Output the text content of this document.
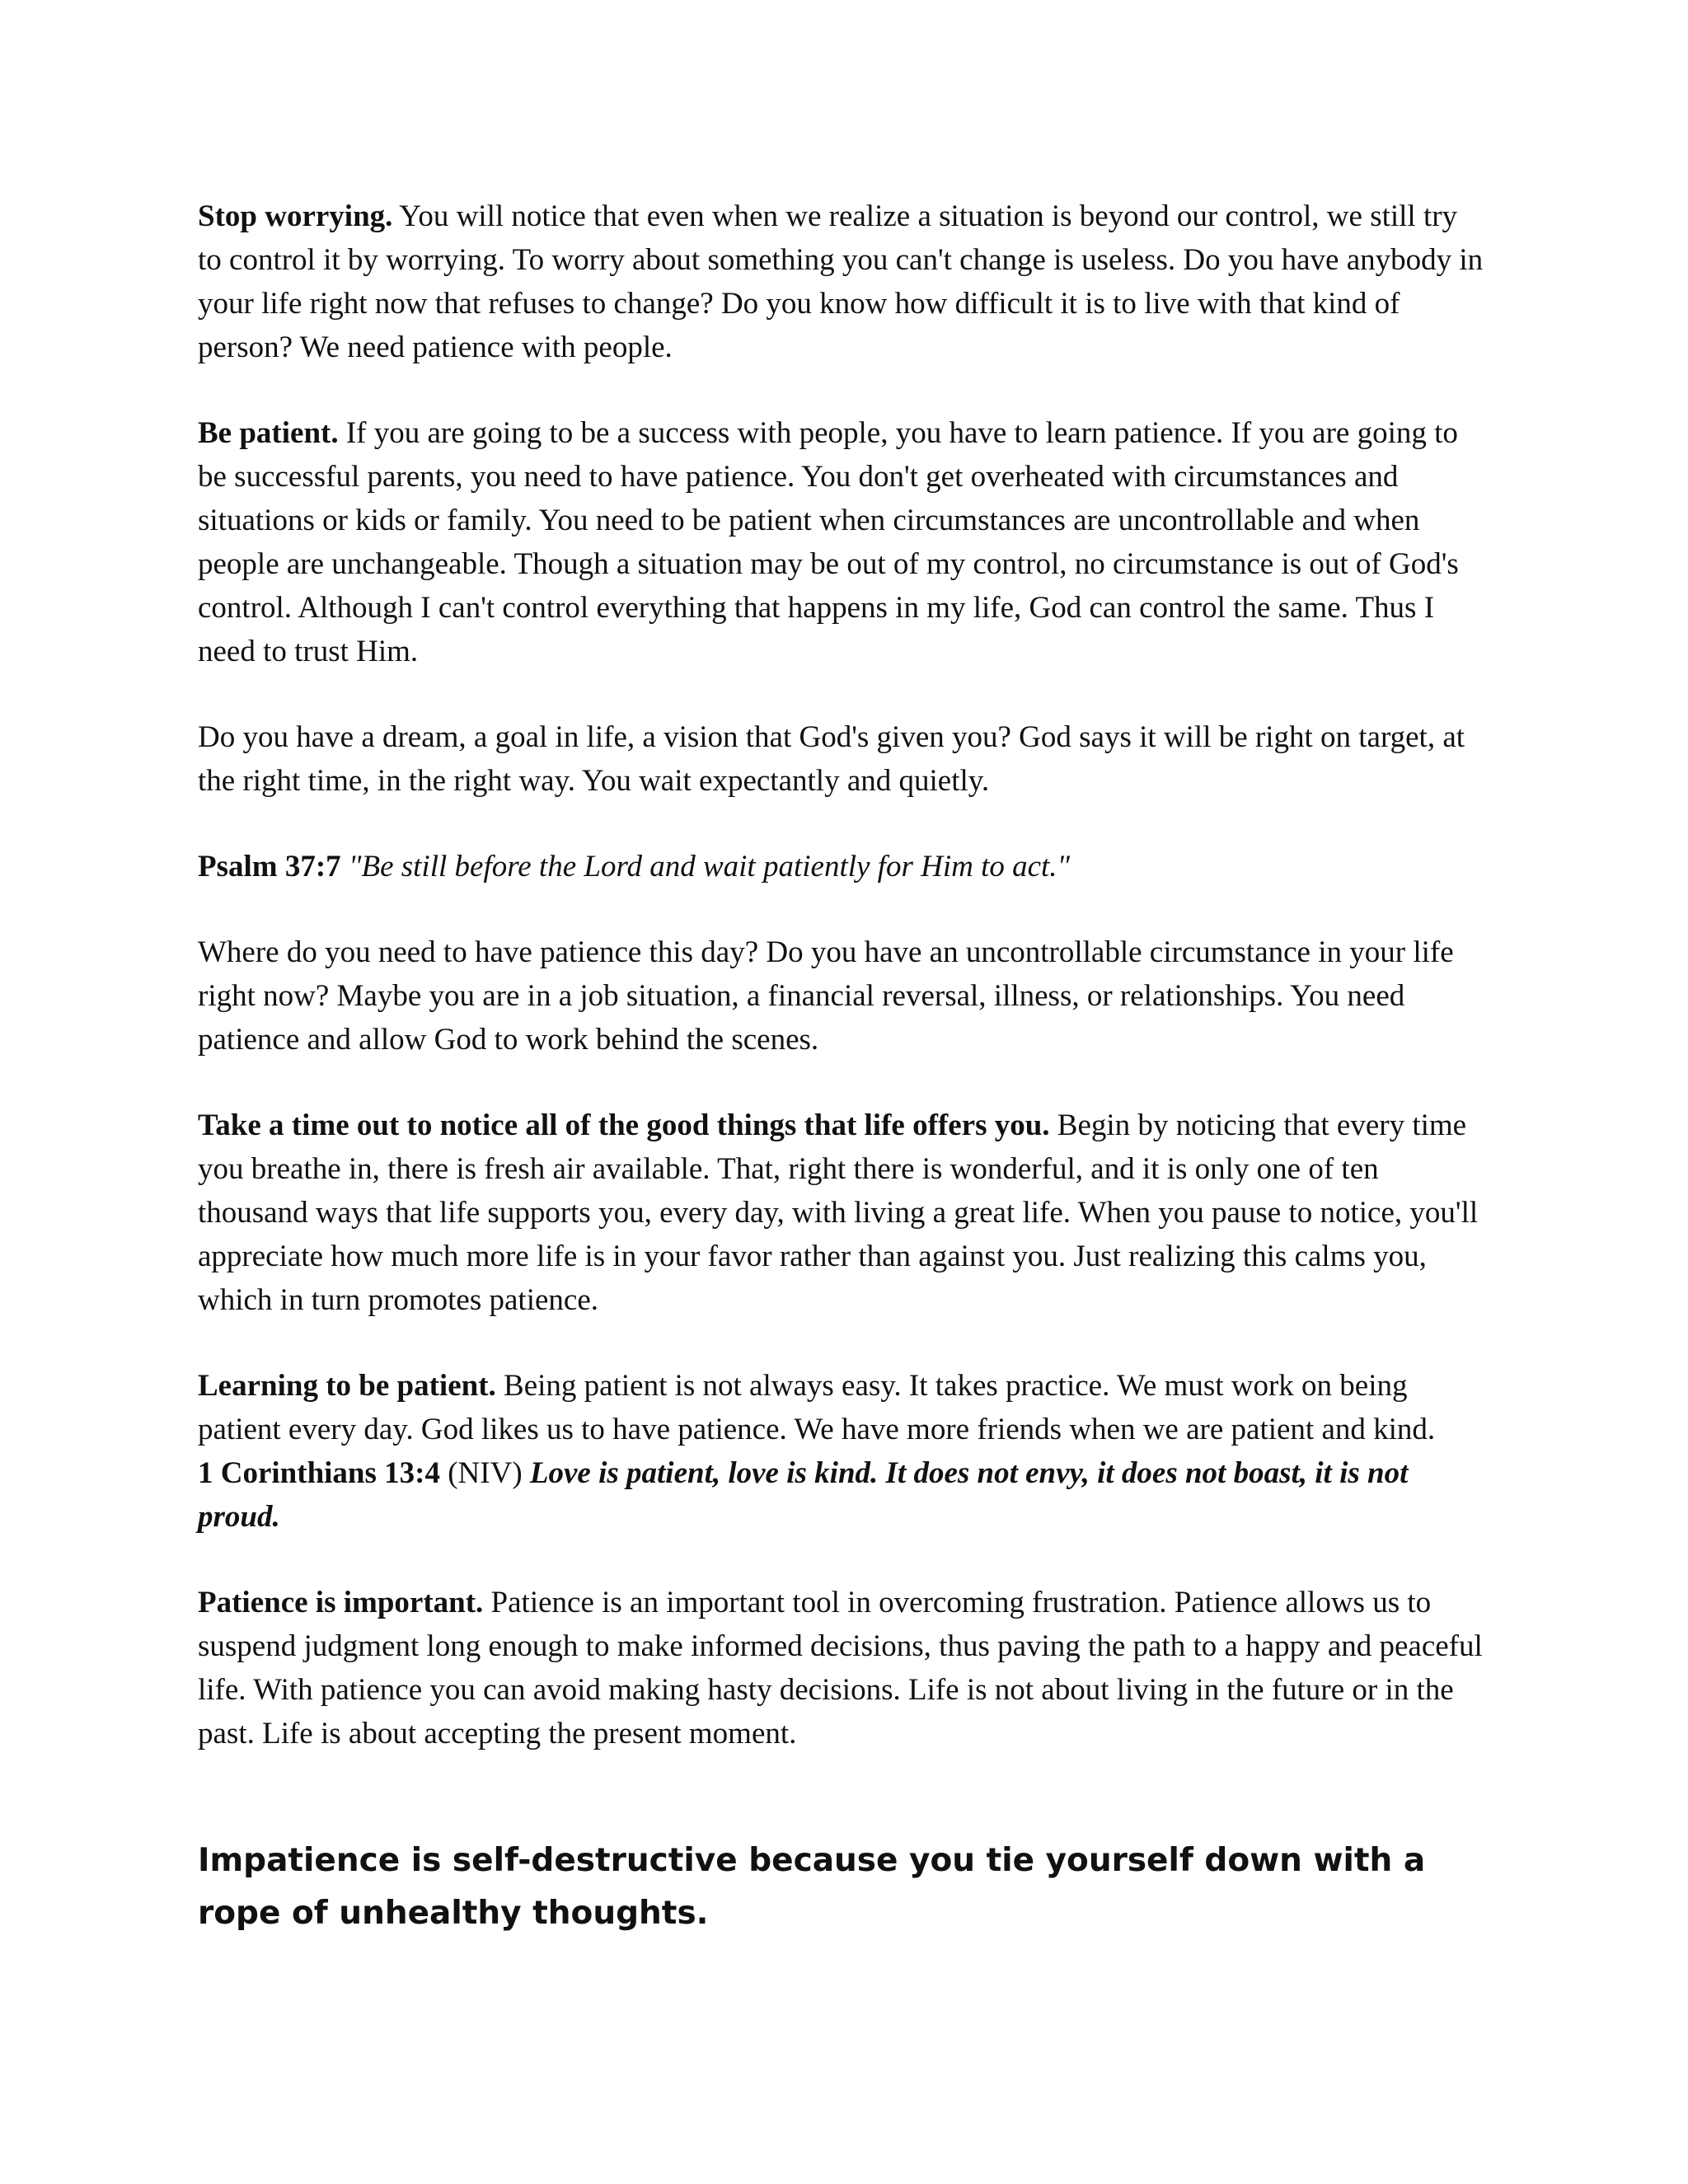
Stop worrying. You will notice that even when we realize a situation is beyond our control, we still try to control it by worrying. To worry about something you can't change is useless. Do you have anybody in your life right now that refuses to change? Do you know how difficult it is to live with that kind of person? We need patience with people.

Be patient. If you are going to be a success with people, you have to learn patience. If you are going to be successful parents, you need to have patience. You don't get overheated with circumstances and situations or kids or family. You need to be patient when circumstances are uncontrollable and when people are unchangeable. Though a situation may be out of my control, no circumstance is out of God's control. Although I can't control everything that happens in my life, God can control the same. Thus I need to trust Him.

Do you have a dream, a goal in life, a vision that God's given you? God says it will be right on target, at the right time, in the right way. You wait expectantly and quietly.

Psalm 37:7 "Be still before the Lord and wait patiently for Him to act."

Where do you need to have patience this day? Do you have an uncontrollable circumstance in your life right now? Maybe you are in a job situation, a financial reversal, illness, or relationships. You need patience and allow God to work behind the scenes.

Take a time out to notice all of the good things that life offers you. Begin by noticing that every time you breathe in, there is fresh air available. That, right there is wonderful, and it is only one of ten thousand ways that life supports you, every day, with living a great life. When you pause to notice, you'll appreciate how much more life is in your favor rather than against you. Just realizing this calms you, which in turn promotes patience.

Learning to be patient. Being patient is not always easy. It takes practice. We must work on being patient every day. God likes us to have patience. We have more friends when we are patient and kind.

1 Corinthians 13:4 (NIV) Love is patient, love is kind. It does not envy, it does not boast, it is not proud.

Patience is important. Patience is an important tool in overcoming frustration. Patience allows us to suspend judgment long enough to make informed decisions, thus paving the path to a happy and peaceful life. With patience you can avoid making hasty decisions. Life is not about living in the future or in the past. Life is about accepting the present moment.

Impatience is self-destructive because you tie yourself down with a rope of unhealthy thoughts.
